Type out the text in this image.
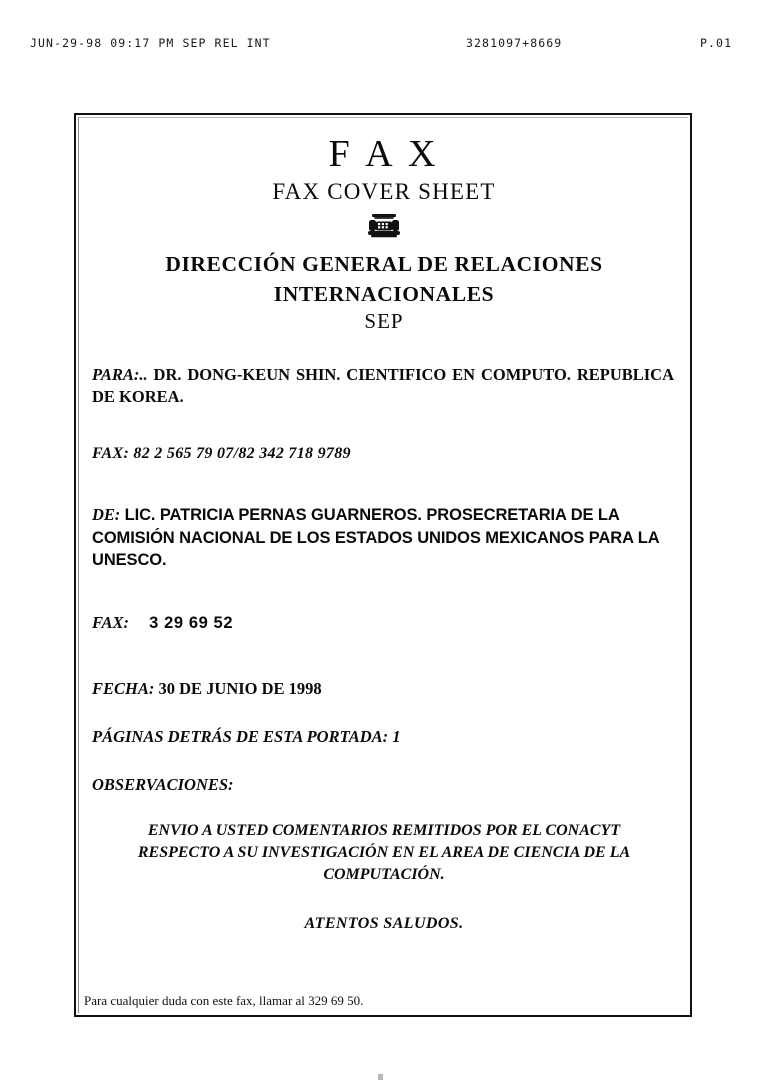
JUN-29-98 09:17 PM SEP REL INT	3281097+8669	P.01
F A X
FAX COVER SHEET
DIRECCIÓN GENERAL DE RELACIONES
INTERNACIONALES
SEP
PARA:.. DR. DONG-KEUN SHIN. CIENTIFICO EN COMPUTO. REPUBLICA DE KOREA.
FAX: 82 2 565 79 07/82 342 718 9789
DE: LIC. PATRICIA PERNAS GUARNEROS. PROSECRETARIA DE LA COMISIÓN NACIONAL DE LOS ESTADOS UNIDOS MEXICANOS PARA LA UNESCO.
FAX: 3 29 69 52
FECHA: 30 DE JUNIO DE 1998
PÁGINAS DETRÁS DE ESTA PORTADA: 1
OBSERVACIONES:
ENVIO A USTED COMENTARIOS REMITIDOS POR EL CONACYT
RESPECTO A SU INVESTIGACIÓN EN EL AREA DE CIENCIA DE LA
COMPUTACIÓN.
ATENTOS SALUDOS.
Para cualquier duda con este fax, llamar al 329 69 50.
